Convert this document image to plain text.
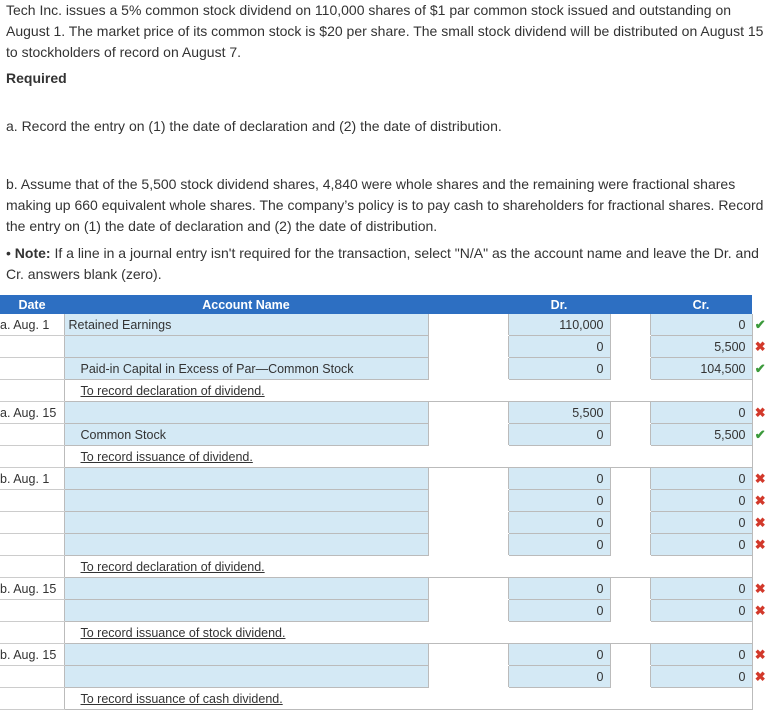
Tech Inc. issues a 5% common stock dividend on 110,000 shares of $1 par common stock issued and outstanding on August 1. The market price of its common stock is $20 per share. The small stock dividend will be distributed on August 15 to stockholders of record on August 7.

Required

a. Record the entry on (1) the date of declaration and (2) the date of distribution.

b. Assume that of the 5,500 stock dividend shares, 4,840 were whole shares and the remaining were fractional shares making up 660 equivalent whole shares. The company’s policy is to pay cash to shareholders for fractional shares. Record the entry on (1) the date of declaration and (2) the date of distribution.

• Note: If a line in a journal entry isn't required for the transaction, select "N/A" as the account name and leave the Dr. and Cr. answers blank (zero).

Date	Account Name		Dr.		Cr.	
a. Aug. 1	Retained Earnings		110,000		0	✔
			0		5,500	✖
	Paid-in Capital in Excess of Par—Common Stock		0		104,500	✔
	To record declaration of dividend.					
a. Aug. 15			5,500		0	✖
	Common Stock		0		5,500	✔
	To record issuance of dividend.					
b. Aug. 1			0		0	✖
			0		0	✖
			0		0	✖
			0		0	✖
	To record declaration of dividend.					
b. Aug. 15			0		0	✖
			0		0	✖
	To record issuance of stock dividend.					
b. Aug. 15			0		0	✖
			0		0	✖
	To record issuance of cash dividend.					
